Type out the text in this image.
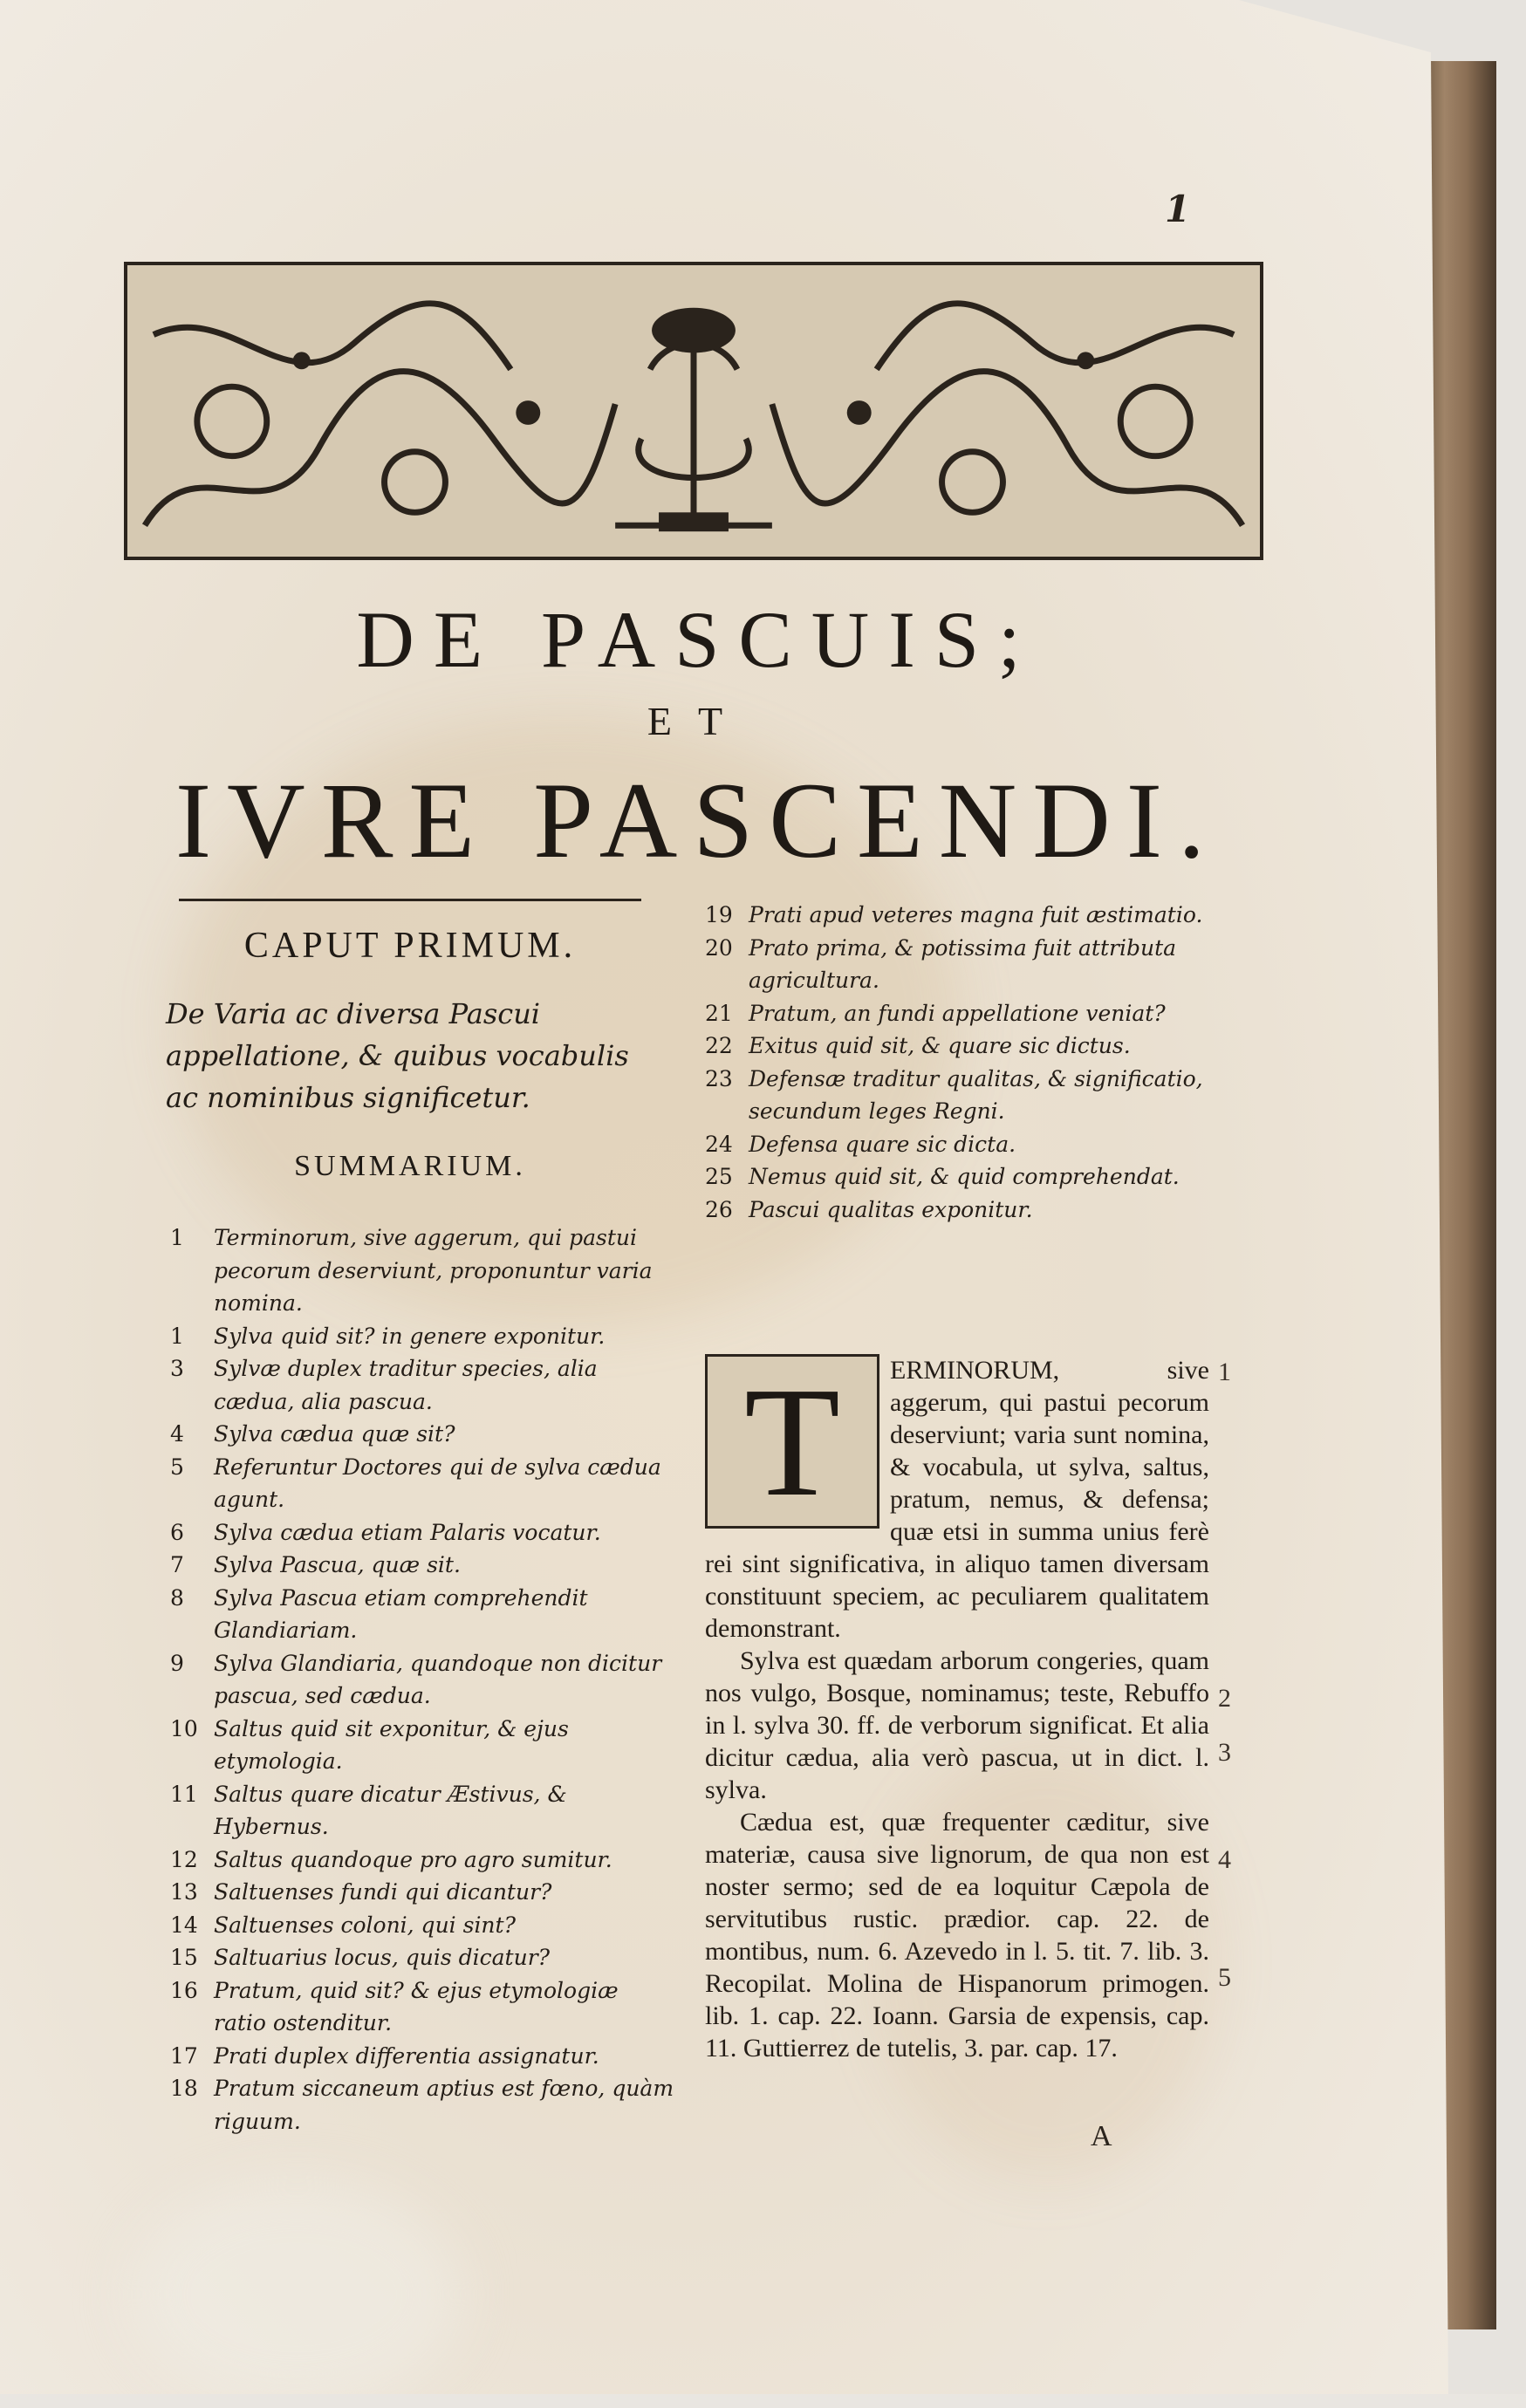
1
DE PASCUIS;
ET
IVRE PASCENDI.
CAPUT PRIMUM.
De Varia ac diversa Pascui appellatione, & quibus vocabulis ac nominibus significetur.
SUMMARIUM.
1	Terminorum, sive aggerum, qui pastui pecorum deserviunt, proponuntur varia nomina.
1	Sylva quid sit? in genere exponitur.
3	Sylvæ duplex traditur species, alia cædua, alia pascua.
4	Sylva cædua quæ sit?
5	Referuntur Doctores qui de sylva cædua agunt.
6	Sylva cædua etiam Palaris vocatur.
7	Sylva Pascua, quæ sit.
8	Sylva Pascua etiam comprehendit Glandiariam.
9	Sylva Glandiaria, quandoque non dicitur pascua, sed cædua.
10 Saltus quid sit exponitur, & ejus etymologia.
11 Saltus quare dicatur Æstivus, & Hybernus.
12 Saltus quandoque pro agro sumitur.
13 Saltuenses fundi qui dicantur?
14 Saltuenses coloni, qui sint?
15 Saltuarius locus, quis dicatur?
16 Pratum, quid sit? & ejus etymologiæ ratio ostenditur.
17 Prati duplex differentia assignatur.
18 Pratum siccaneum aptius est fœno, quàm riguum.
19 Prati apud veteres magna fuit æstimatio.
20 Prato prima, & potissima fuit attributa agricultura.
21 Pratum, an fundi appellatione veniat?
22 Exitus quid sit, & quare sic dictus.
23 Defensæ traditur qualitas, & significatio, secundum leges Regni.
24 Defensa quare sic dicta.
25 Nemus quid sit, & quid comprehendat.
26 Pascui qualitas exponitur.

ERMINORUM, sive aggerum, qui pastui pecorum deserviunt; varia sunt nomina, & vocabula, ut sylva, saltus, pratum, nemus, & defensa; quæ etsi in summa unius ferè rei sint significativa, in aliquo tamen diversam constituunt speciem, ac peculiarem qualitatem demonstrant.

Sylva est quædam arborum congeries, quam nos vulgo, Bosque, nominamus; teste, Rebuffo in l. sylva 30. ff. de verborum significat. Et alia dicitur cædua, alia verò pascua, ut in dict. l. sylva.

Cædua est, quæ frequenter cæditur, sive materiæ, causa sive lignorum, de qua non est noster sermo; sed de ea loquitur Cæpola de servitutibus rustic. prædior. cap. 22. de montibus, num. 6. Azevedo in l. 5. tit. 7. lib. 3. Recopilat. Molina de Hispanorum primogen. lib. 1. cap. 22. Ioann. Garsia de expensis, cap. 11. Guttierrez de tutelis, 3. par. cap. 17.

T	1
2
3
4
5
A
